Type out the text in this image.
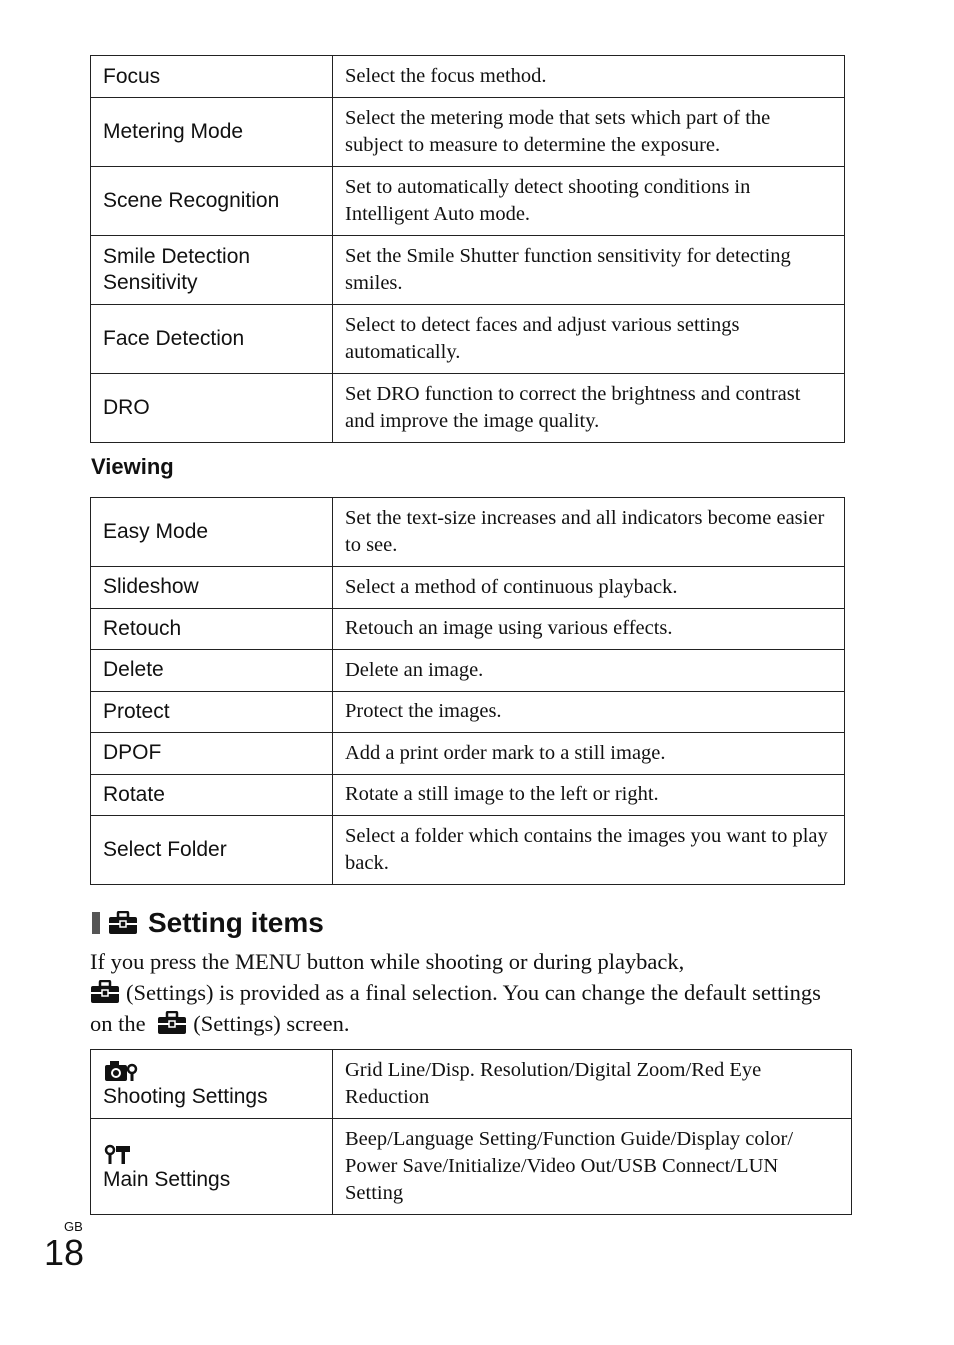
Focus	Select the focus method.
Metering Mode	Select the metering mode that sets which part of the subject to measure to determine the exposure.
Scene Recognition	Set to automatically detect shooting conditions in Intelligent Auto mode.
Smile Detection Sensitivity	Set the Smile Shutter function sensitivity for detecting smiles.
Face Detection	Select to detect faces and adjust various settings automatically.
DRO	Set DRO function to correct the brightness and contrast and improve the image quality.
Viewing
Easy Mode	Set the text-size increases and all indicators become easier to see.
Slideshow	Select a method of continuous playback.
Retouch	Retouch an image using various effects.
Delete	Delete an image.
Protect	Protect the images.
DPOF	Add a print order mark to a still image.
Rotate	Rotate a still image to the left or right.
Select Folder	Select a folder which contains the images you want to play back.
Setting items
If you press the MENU button while shooting or during playback,
(Settings) is provided as a final selection. You can change the default settings on the (Settings) screen.
Shooting Settings	Grid Line/Disp. Resolution/Digital Zoom/Red Eye Reduction

Main Settings	Beep/Language Setting/Function Guide/Display color/ Power Save/Initialize/Video Out/USB Connect/LUN Setting
GB
18
